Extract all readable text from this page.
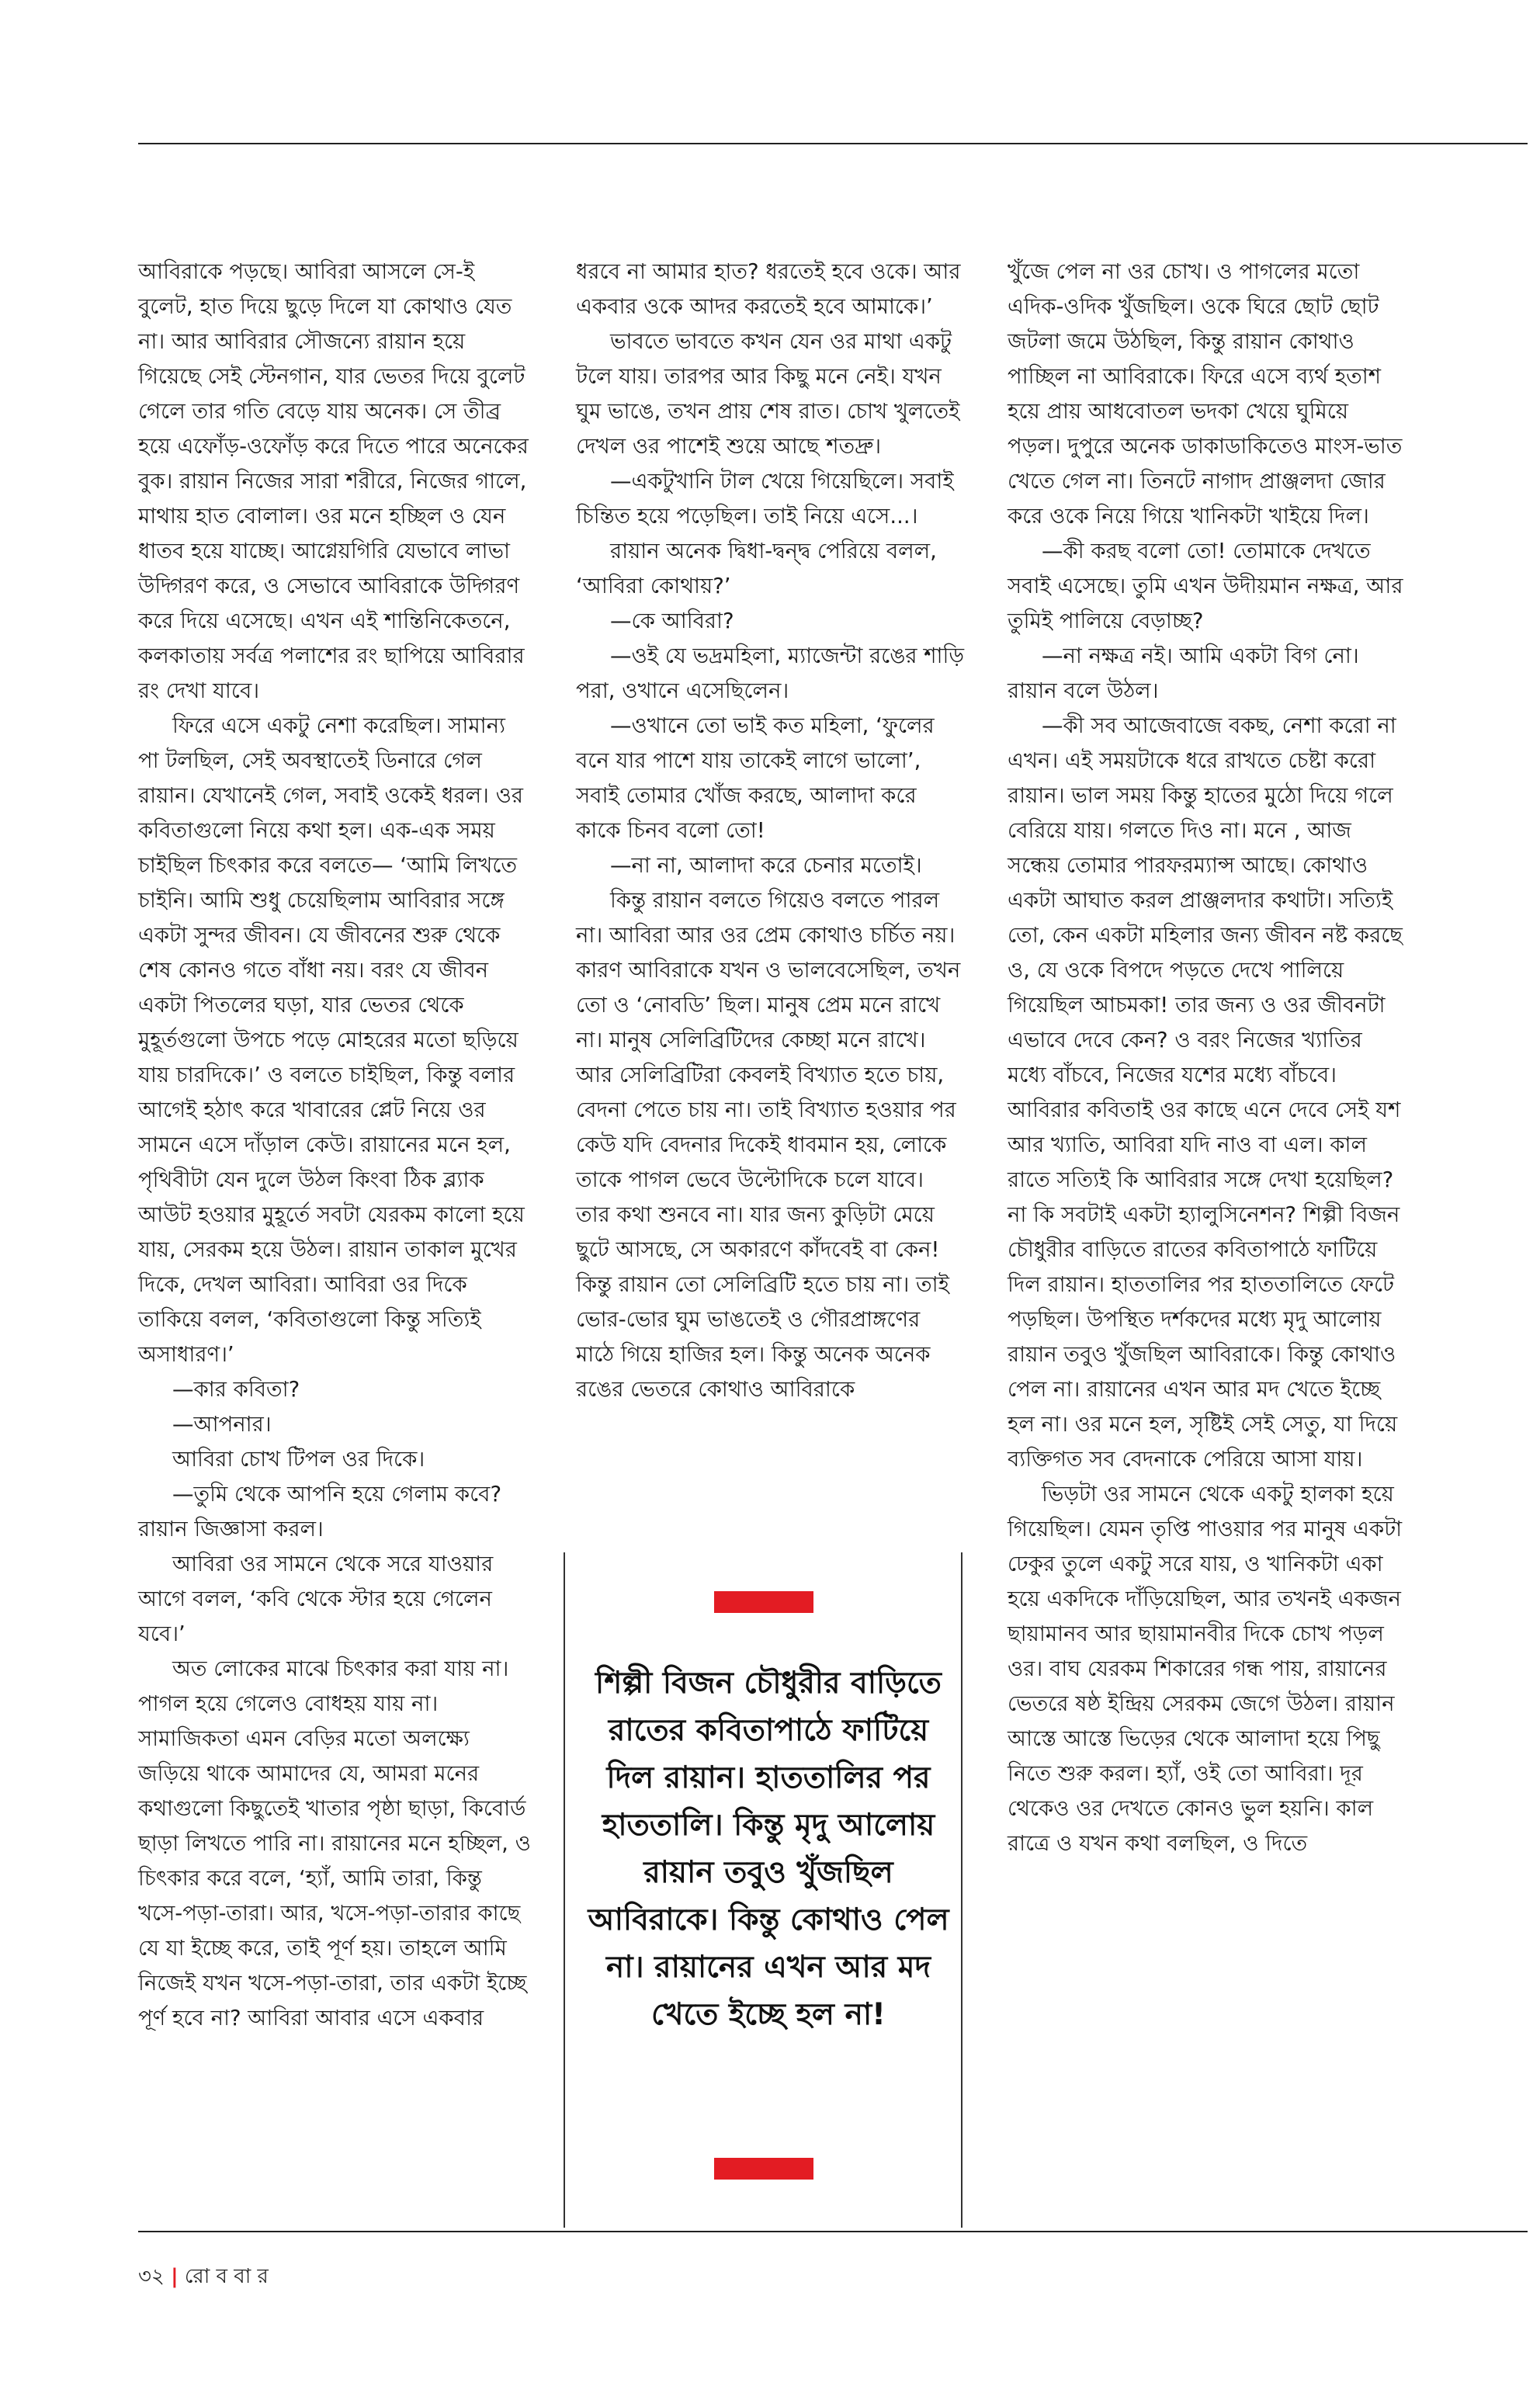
আবিরাকে পড়ছে। আবিরা আসলে সে-ই বুলেট, হাত দিয়ে ছুড়ে দিলে যা কোথাও যেত না। আর আবিরার সৌজন্যে রায়ান হয়ে গিয়েছে সেই স্টেনগান, যার ভেতর দিয়ে বুলেট গেলে তার গতি বেড়ে যায় অনেক। সে তীব্র হয়ে এফোঁড়-ওফোঁড় করে দিতে পারে অনেকের বুক। রায়ান নিজের সারা শরীরে, নিজের গালে, মাথায় হাত বোলাল। ওর মনে হচ্ছিল ও যেন ধাতব হয়ে যাচ্ছে। আগ্নেয়গিরি যেভাবে লাভা উদ্গিরণ করে, ও সেভাবে আবিরাকে উদ্গিরণ করে দিয়ে এসেছে। এখন এই শান্তিনিকেতনে, কলকাতায় সর্বত্র পলাশের রং ছাপিয়ে আবিরার রং দেখা যাবে।

ফিরে এসে একটু নেশা করেছিল। সামান্য পা টলছিল, সেই অবস্থাতেই ডিনারে গেল রায়ান। যেখানেই গেল, সবাই ওকেই ধরল। ওর কবিতাগুলো নিয়ে কথা হল। এক-এক সময় চাইছিল চিৎকার করে বলতে— ‘আমি লিখতে চাইনি। আমি শুধু চেয়েছিলাম আবিরার সঙ্গে একটা সুন্দর জীবন। যে জীবনের শুরু থেকে শেষ কোনও গতে বাঁধা নয়। বরং যে জীবন একটা পিতলের ঘড়া, যার ভেতর থেকে মুহূর্তগুলো উপচে পড়ে মোহরের মতো ছড়িয়ে যায় চারদিকে।’ ও বলতে চাইছিল, কিন্তু বলার আগেই হঠাৎ করে খাবারের প্লেট নিয়ে ওর সামনে এসে দাঁড়াল কেউ। রায়ানের মনে হল, পৃথিবীটা যেন দুলে উঠল কিংবা ঠিক ব্ল্যাক আউট হওয়ার মুহূর্তে সবটা যেরকম কালো হয়ে যায়, সেরকম হয়ে উঠল। রায়ান তাকাল মুখের দিকে, দেখল আবিরা। আবিরা ওর দিকে তাকিয়ে বলল, ‘কবিতাগুলো কিন্তু সত্যিই অসাধারণ।’

—কার কবিতা?

—আপনার।

আবিরা চোখ টিপল ওর দিকে।

—তুমি থেকে আপনি হয়ে গেলাম কবে? রায়ান জিজ্ঞাসা করল।

আবিরা ওর সামনে থেকে সরে যাওয়ার আগে বলল, ‘কবি থেকে স্টার হয়ে গেলেন যবে।’

অত লোকের মাঝে চিৎকার করা যায় না। পাগল হয়ে গেলেও বোধহয় যায় না। সামাজিকতা এমন বেড়ির মতো অলক্ষ্যে জড়িয়ে থাকে আমাদের যে, আমরা মনের কথাগুলো কিছুতেই খাতার পৃষ্ঠা ছাড়া, কিবোর্ড ছাড়া লিখতে পারি না। রায়ানের মনে হচ্ছিল, ও চিৎকার করে বলে, ‘হ্যাঁ, আমি তারা, কিন্তু খসে-পড়া-তারা। আর, খসে-পড়া-তারার কাছে যে যা ইচ্ছে করে, তাই পূর্ণ হয়। তাহলে আমি নিজেই যখন খসে-পড়া-তারা, তার একটা ইচ্ছে পূর্ণ হবে না? আবিরা আবার এসে একবার

ধরবে না আমার হাত? ধরতেই হবে ওকে। আর একবার ওকে আদর করতেই হবে আমাকে।’

ভাবতে ভাবতে কখন যেন ওর মাথা একটু টলে যায়। তারপর আর কিছু মনে নেই। যখন ঘুম ভাঙে, তখন প্রায় শেষ রাত। চোখ খুলতেই দেখল ওর পাশেই শুয়ে আছে শতদ্রু।

—একটুখানি টাল খেয়ে গিয়েছিলে। সবাই চিন্তিত হয়ে পড়েছিল। তাই নিয়ে এসে...।

রায়ান অনেক দ্বিধা-দ্বন্দ্ব পেরিয়ে বলল, ‘আবিরা কোথায়?’

—কে আবিরা?

—ওই যে ভদ্রমহিলা, ম্যাজেন্টা রঙের শাড়ি পরা, ওখানে এসেছিলেন।

—ওখানে তো ভাই কত মহিলা, ‘ফুলের বনে যার পাশে যায় তাকেই লাগে ভালো’, সবাই তোমার খোঁজ করছে, আলাদা করে কাকে চিনব বলো তো!

—না না, আলাদা করে চেনার মতোই।

কিন্তু রায়ান বলতে গিয়েও বলতে পারল না। আবিরা আর ওর প্রেম কোথাও চর্চিত নয়। কারণ আবিরাকে যখন ও ভালবেসেছিল, তখন তো ও ‘নোবডি’ ছিল। মানুষ প্রেম মনে রাখে না। মানুষ সেলিব্রিটিদের কেচ্ছা মনে রাখে। আর সেলিব্রিটিরা কেবলই বিখ্যাত হতে চায়, বেদনা পেতে চায় না। তাই বিখ্যাত হওয়ার পর কেউ যদি বেদনার দিকেই ধাবমান হয়, লোকে তাকে পাগল ভেবে উল্টোদিকে চলে যাবে। তার কথা শুনবে না। যার জন্য কুড়িটা মেয়ে ছুটে আসছে, সে অকারণে কাঁদবেই বা কেন! কিন্তু রায়ান তো সেলিব্রিটি হতে চায় না। তাই ভোর-ভোর ঘুম ভাঙতেই ও গৌরপ্রাঙ্গণের মাঠে গিয়ে হাজির হল। কিন্তু অনেক অনেক রঙের ভেতরে কোথাও আবিরাকে

শিল্পী বিজন চৌধুরীর বাড়িতে রাতের কবিতাপাঠে ফাটিয়ে দিল রায়ান। হাততালির পর হাততালি। কিন্তু মৃদু আলোয় রায়ান তবুও খুঁজছিল আবিরাকে। কিন্তু কোথাও পেল না। রায়ানের এখন আর মদ খেতে ইচ্ছে হল না!

খুঁজে পেল না ওর চোখ। ও পাগলের মতো এদিক-ওদিক খুঁজছিল। ওকে ঘিরে ছোট ছোট জটলা জমে উঠছিল, কিন্তু রায়ান কোথাও পাচ্ছিল না আবিরাকে। ফিরে এসে ব্যর্থ হতাশ হয়ে প্রায় আধবোতল ভদকা খেয়ে ঘুমিয়ে পড়ল। দুপুরে অনেক ডাকাডাকিতেও মাংস-ভাত খেতে গেল না। তিনটে নাগাদ প্রাঞ্জলদা জোর করে ওকে নিয়ে গিয়ে খানিকটা খাইয়ে দিল।

—কী করছ বলো তো! তোমাকে দেখতে সবাই এসেছে। তুমি এখন উদীয়মান নক্ষত্র, আর তুমিই পালিয়ে বেড়াচ্ছ?

—না নক্ষত্র নই। আমি একটা বিগ নো। রায়ান বলে উঠল।

—কী সব আজেবাজে বকছ, নেশা করো না এখন। এই সময়টাকে ধরে রাখতে চেষ্টা করো রায়ান। ভাল সময় কিন্তু হাতের মুঠো দিয়ে গলে বেরিয়ে যায়। গলতে দিও না। মনে , আজ সন্ধেয় তোমার পারফরম্যান্স আছে। কোথাও একটা আঘাত করল প্রাঞ্জলদার কথাটা। সত্যিই তো, কেন একটা মহিলার জন্য জীবন নষ্ট করছে ও, যে ওকে বিপদে পড়তে দেখে পালিয়ে গিয়েছিল আচমকা! তার জন্য ও ওর জীবনটা এভাবে দেবে কেন? ও বরং নিজের খ্যাতির মধ্যে বাঁচবে, নিজের যশের মধ্যে বাঁচবে। আবিরার কবিতাই ওর কাছে এনে দেবে সেই যশ আর খ্যাতি, আবিরা যদি নাও বা এল। কাল রাতে সত্যিই কি আবিরার সঙ্গে দেখা হয়েছিল? না কি সবটাই একটা হ্যালুসিনেশন? শিল্পী বিজন চৌধুরীর বাড়িতে রাতের কবিতাপাঠে ফাটিয়ে দিল রায়ান। হাততালির পর হাততালিতে ফেটে পড়ছিল। উপস্থিত দর্শকদের মধ্যে মৃদু আলোয় রায়ান তবুও খুঁজছিল আবিরাকে। কিন্তু কোথাও পেল না। রায়ানের এখন আর মদ খেতে ইচ্ছে হল না। ওর মনে হল, সৃষ্টিই সেই সেতু, যা দিয়ে ব্যক্তিগত সব বেদনাকে পেরিয়ে আসা যায়।

ভিড়টা ওর সামনে থেকে একটু হালকা হয়ে গিয়েছিল। যেমন তৃপ্তি পাওয়ার পর মানুষ একটা ঢেকুর তুলে একটু সরে যায়, ও খানিকটা একা হয়ে একদিকে দাঁড়িয়েছিল, আর তখনই একজন ছায়ামানব আর ছায়ামানবীর দিকে চোখ পড়ল ওর। বাঘ যেরকম শিকারের গন্ধ পায়, রায়ানের ভেতরে ষষ্ঠ ইন্দ্রিয় সেরকম জেগে উঠল। রায়ান আস্তে আস্তে ভিড়ের থেকে আলাদা হয়ে পিছু নিতে শুরু করল। হ্যাঁ, ওই তো আবিরা। দূর থেকেও ওর দেখতে কোনও ভুল হয়নি। কাল রাত্রে ও যখন কথা বলছিল, ও দিতে

৩২ | রো ব বা র
